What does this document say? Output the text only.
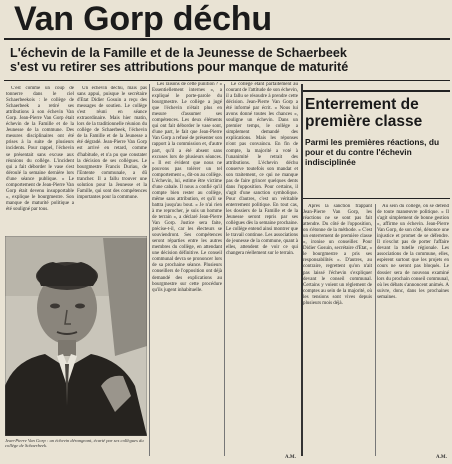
Van Gorp déchu
L'échevin de la Famille et de la Jeunesse de Schaerbeek
s'est vu retirer ses attributions pour manque de maturité

C'est comme un coup de tonnerre dans le ciel Schaerbeekois : le collège de Schaerbeek a retiré ses attributions à son échevin Van Gorp. Jean-Pierre Van Gorp était échevin de la Famille et de la Jeunesse de la commune. Des mesures disciplinaires ont été prises à la suite de plusieurs incidents. Pour rappel, l'échevin se présentait sans excuse aux réunions du collège. L'incident qui a fait déborder le vase s'est déroulé la semaine dernière lors d'une séance publique. « Le comportement de Jean-Pierre Van Gorp était devenu insupportable », explique le bourgmestre. Son manque de maturité politique a été souligné par tous.

Un échevin déchu, mais pas sans appui, puisque le secrétaire d'Etat Didier Gosuin a reçu des messages de soutien. Le collège s'est réuni en séance extraordinaire. Mais hier matin, lors de la traditionnelle réunion du collège de Schaerbeek, l'échevin de la Famille et de la Jeunesse a été dégradé. Jean-Pierre Van Gorp est arrivé en retard, comme d'habitude, et n'a pu que constater la décision de ses collègues. Le bourgmestre Francis Duriau, de l'Entente communale, a dû trancher. Il a fallu trouver une solution pour la Jeunesse et la Famille, qui sont des compétences importantes pour la commune.

Jean-Pierre Van Gorp : un échevin dérangeant, écarté par ses collègues du collège de Schaerbeek.

Les raisons de cette punition ? « Essentiellement internes », a expliqué le porte-parole du bourgmestre. Le collège a jugé que l'échevin n'était plus en mesure d'assumer ses compétences. Les deux éléments qui ont fait déborder le vase sont, d'une part, le fait que Jean-Pierre Van Gorp a refusé de présenter son rapport à la commission et, d'autre part, qu'il a été absent sans excuses lors de plusieurs séances. « Il est évident que nous ne pouvons pas tolérer un tel comportement », dit-on au collège. L'échevin, lui, estime être victime d'une cabale. Il nous a confié qu'il compte bien rester au collège, même sans attribution, et qu'il se battra jusqu'au bout. « Je n'ai rien à me reprocher, je suis un homme de terrain », a déclaré Jean-Pierre Van Gorp. Justice sera faite, précise-t-il, car les électeurs se souviendront. Ses compétences seront réparties entre les autres membres du collège, en attendant une décision définitive. Le conseil communal devra se prononcer lors de sa prochaine séance. Plusieurs conseillers de l'opposition ont déjà demandé des explications au bourgmestre sur cette procédure qu'ils jugent inhabituelle.

Le collège étant parfaitement au courant de l'attitude de son échevin, il a fallu se résoudre à prendre cette décision. Jean-Pierre Van Gorp a été informé par écrit. « Nous lui avons donné toutes les chances », souligne un échevin. Dans un premier temps, le collège a simplement demandé des explications. Mais les réponses n'ont pas convaincu. En fin de compte, la majorité a voté à l'unanimité le retrait des attributions. L'échevin déchu conserve toutefois son mandat et son traitement, ce qui ne manque pas de faire grincer quelques dents dans l'opposition. Pour certains, il s'agit d'une sanction symbolique. Pour d'autres, c'est un véritable enterrement politique. En tout cas, les dossiers de la Famille et de la Jeunesse seront repris par ses collègues dès la semaine prochaine. Le collège entend ainsi montrer que le travail continue. Les associations de jeunesse de la commune, quant à elles, attendent de voir ce qui changera réellement sur le terrain.

A.M.
Enterrement de première classe
Parmi les premières réactions, du pour et du contre l'échevin indisciplinée

Après la sanction frappant Jean-Pierre Van Gorp, les réactions ne se sont pas fait attendre. Du côté de l'opposition, on s'étonne de la méthode. « C'est un enterrement de première classe », ironise un conseiller. Pour Didier Gosuin, secrétaire d'Etat, « le bourgmestre a pris ses responsabilités ». D'autres, au contraire, regrettent qu'on n'ait pas laissé l'échevin s'expliquer devant le conseil communal. Certains y voient un règlement de comptes au sein de la majorité, où les tensions sont vives depuis plusieurs mois déjà.

Au sein du collège, on se défend de toute manœuvre politique. « Il s'agit simplement de bonne gestion », affirme un échevin. Jean-Pierre Van Gorp, de son côté, dénonce une injustice et promet de se défendre. Il n'exclut pas de porter l'affaire devant la tutelle régionale. Les associations de la commune, elles, espèrent surtout que les projets en cours ne seront pas bloqués. Le dossier sera de nouveau examiné lors du prochain conseil communal, où les débats s'annoncent animés. A suivre, donc, dans les prochaines semaines.

A.M.
